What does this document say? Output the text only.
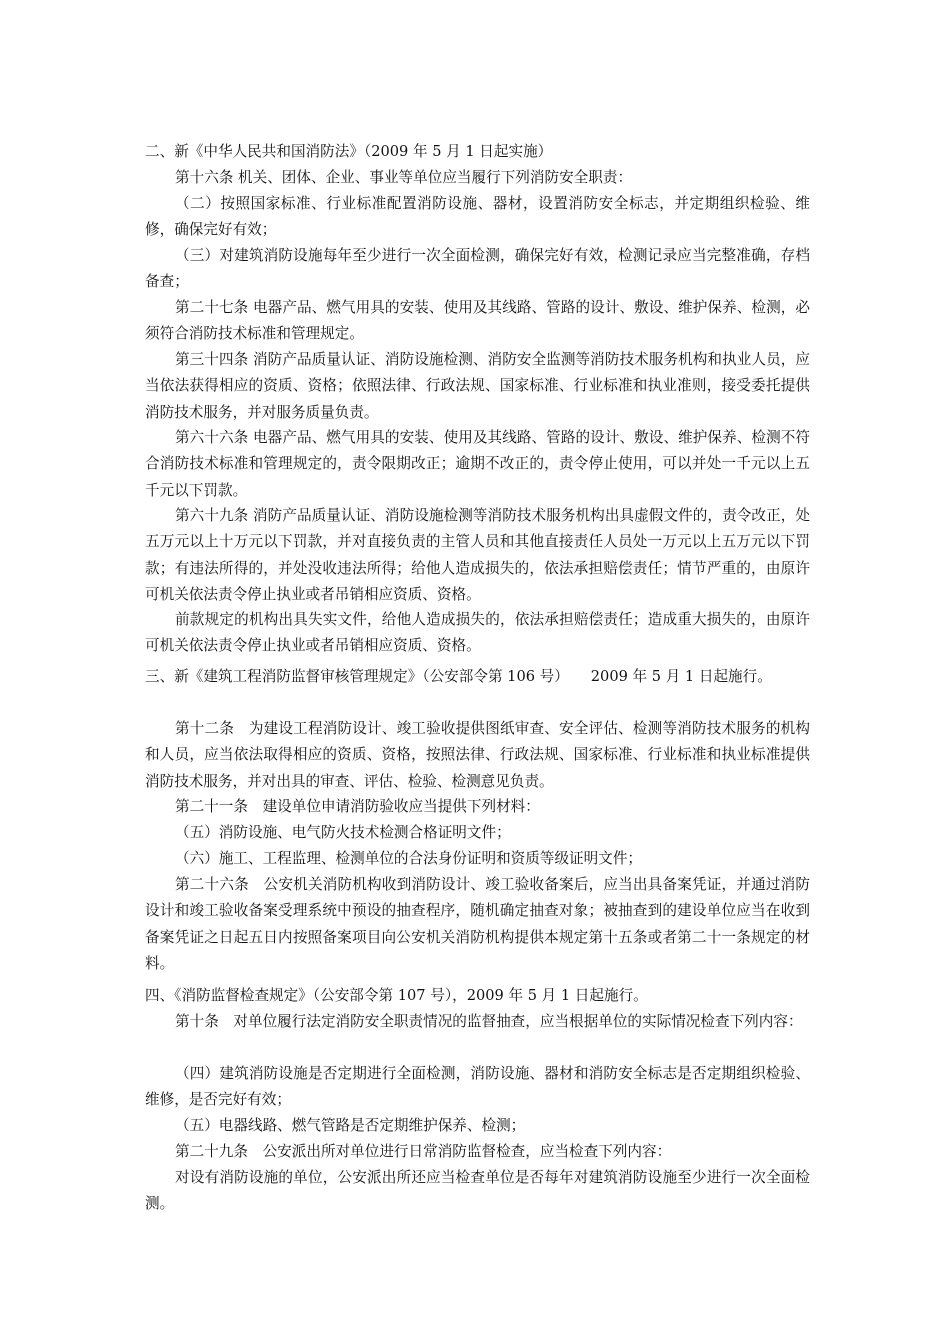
二、新《中华人民共和国消防法》（2009 年 5 月 1 日起实施）
第十六条 机关、团体、企业、事业等单位应当履行下列消防安全职责：
（二）按照国家标准、行业标准配置消防设施、器材，设置消防安全标志，并定期组织检验、维修，确保完好有效；
（三）对建筑消防设施每年至少进行一次全面检测，确保完好有效，检测记录应当完整准确，存档备查；
第二十七条 电器产品、燃气用具的安装、使用及其线路、管路的设计、敷设、维护保养、检测，必须符合消防技术标准和管理规定。
第三十四条 消防产品质量认证、消防设施检测、消防安全监测等消防技术服务机构和执业人员，应当依法获得相应的资质、资格；依照法律、行政法规、国家标准、行业标准和执业准则，接受委托提供消防技术服务，并对服务质量负责。
第六十六条 电器产品、燃气用具的安装、使用及其线路、管路的设计、敷设、维护保养、检测不符合消防技术标准和管理规定的，责令限期改正；逾期不改正的，责令停止使用，可以并处一千元以上五千元以下罚款。
第六十九条 消防产品质量认证、消防设施检测等消防技术服务机构出具虚假文件的，责令改正，处五万元以上十万元以下罚款，并对直接负责的主管人员和其他直接责任人员处一万元以上五万元以下罚款；有违法所得的，并处没收违法所得；给他人造成损失的，依法承担赔偿责任；情节严重的，由原许可机关依法责令停止执业或者吊销相应资质、资格。
前款规定的机构出具失实文件，给他人造成损失的，依法承担赔偿责任；造成重大损失的，由原许可机关依法责令停止执业或者吊销相应资质、资格。
三、新《建筑工程消防监督审核管理规定》（公安部令第 106 号）　　2009 年 5 月 1 日起施行。
第十二条　为建设工程消防设计、竣工验收提供图纸审查、安全评估、检测等消防技术服务的机构和人员，应当依法取得相应的资质、资格，按照法律、行政法规、国家标准、行业标准和执业标准提供消防技术服务，并对出具的审查、评估、检验、检测意见负责。
第二十一条　建设单位申请消防验收应当提供下列材料：
（五）消防设施、电气防火技术检测合格证明文件；
（六）施工、工程监理、检测单位的合法身份证明和资质等级证明文件；
第二十六条　公安机关消防机构收到消防设计、竣工验收备案后，应当出具备案凭证，并通过消防设计和竣工验收备案受理系统中预设的抽查程序，随机确定抽查对象；被抽查到的建设单位应当在收到备案凭证之日起五日内按照备案项目向公安机关消防机构提供本规定第十五条或者第二十一条规定的材料。
四、《消防监督检查规定》（公安部令第 107 号），2009 年 5 月 1 日起施行。
第十条　对单位履行法定消防安全职责情况的监督抽查，应当根据单位的实际情况检查下列内容：
（四）建筑消防设施是否定期进行全面检测，消防设施、器材和消防安全标志是否定期组织检验、维修，是否完好有效；
（五）电器线路、燃气管路是否定期维护保养、检测；
第二十九条　公安派出所对单位进行日常消防监督检查，应当检查下列内容：
对设有消防设施的单位，公安派出所还应当检查单位是否每年对建筑消防设施至少进行一次全面检测。
